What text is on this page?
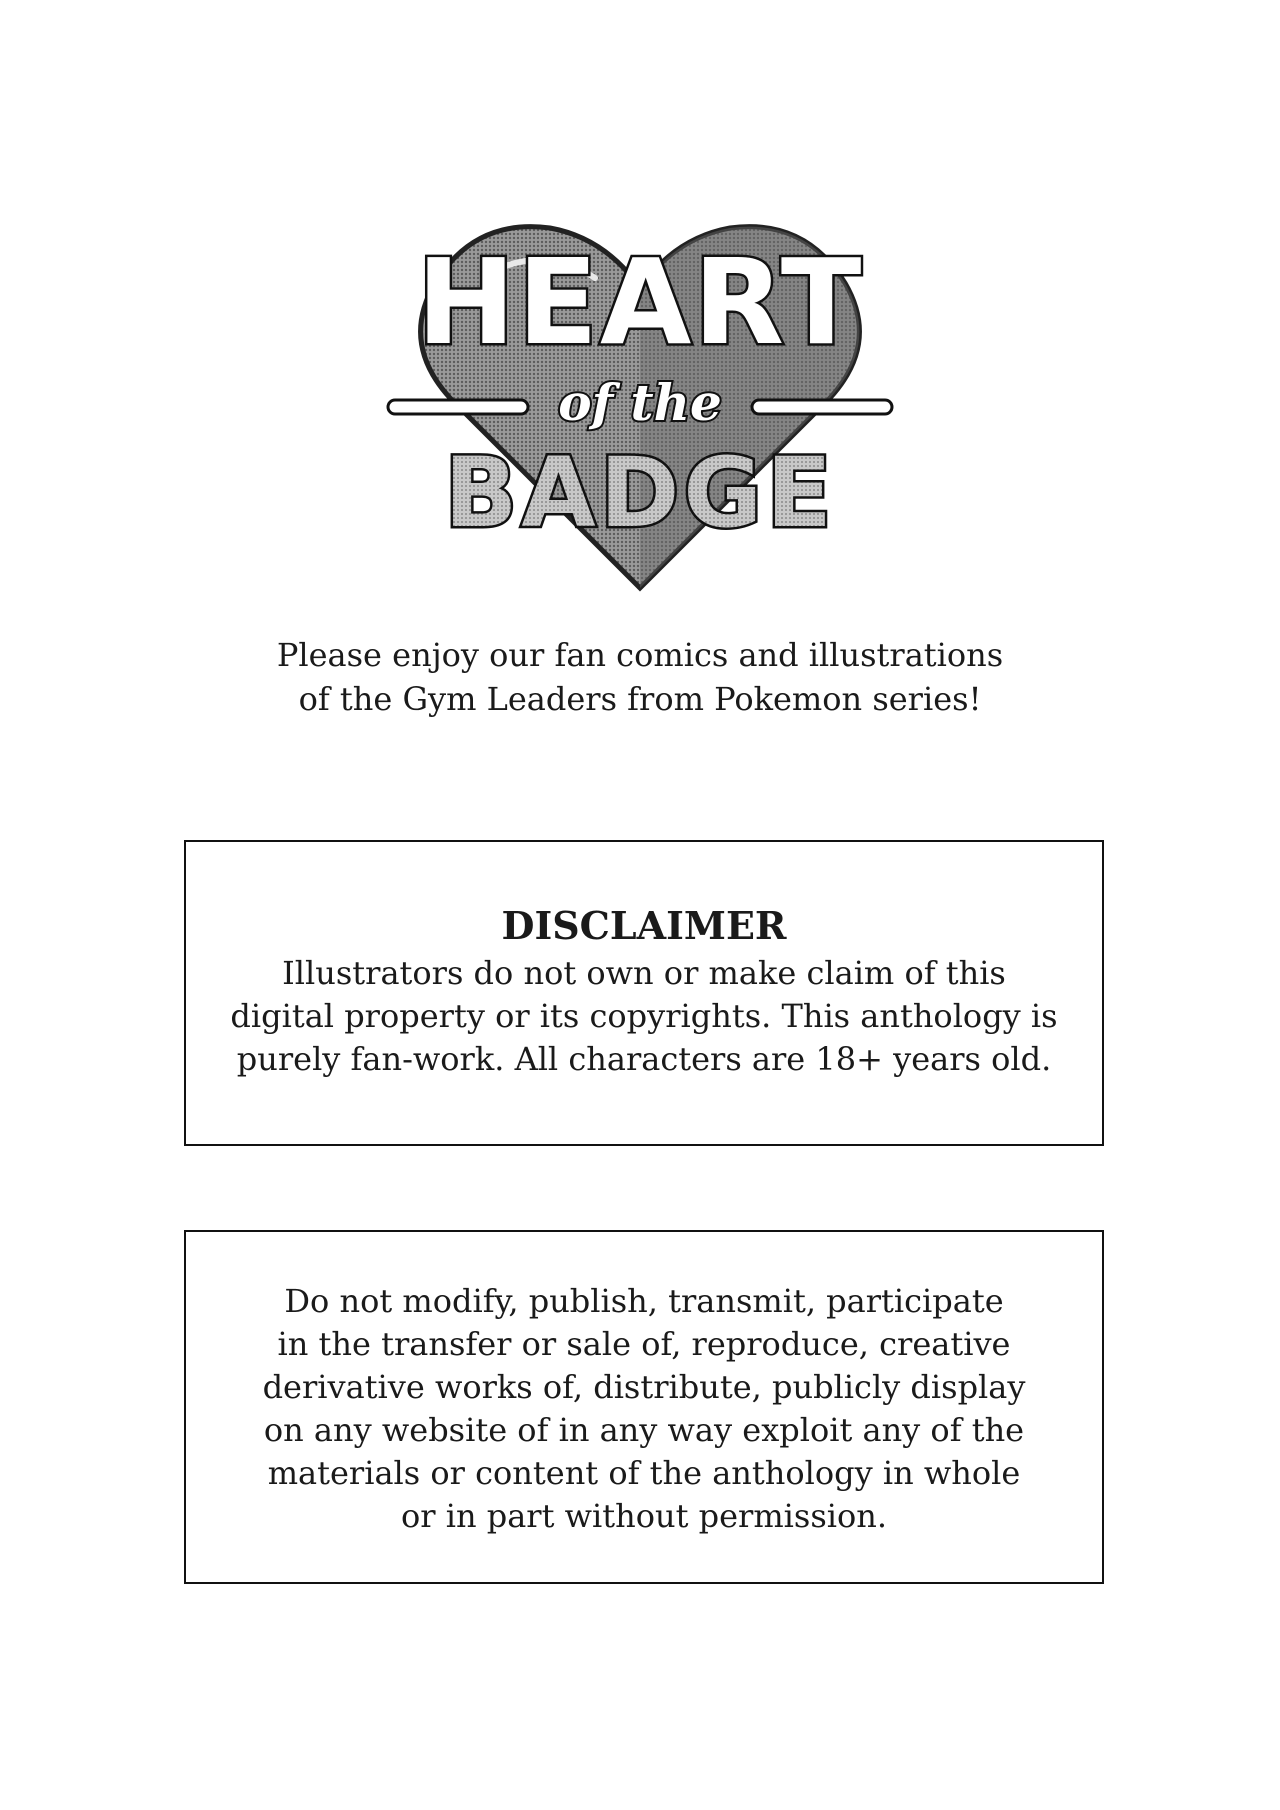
HEART
of the
BADGE
Please enjoy our fan comics and illustrations
of the Gym Leaders from Pokemon series!
DISCLAIMER
Illustrators do not own or make claim of this
digital property or its copyrights. This anthology is
purely fan-work. All characters are 18+ years old.
Do not modify, publish, transmit, participate
in the transfer or sale of, reproduce, creative
derivative works of, distribute, publicly display
on any website of in any way exploit any of the
materials or content of the anthology in whole
or in part without permission.
